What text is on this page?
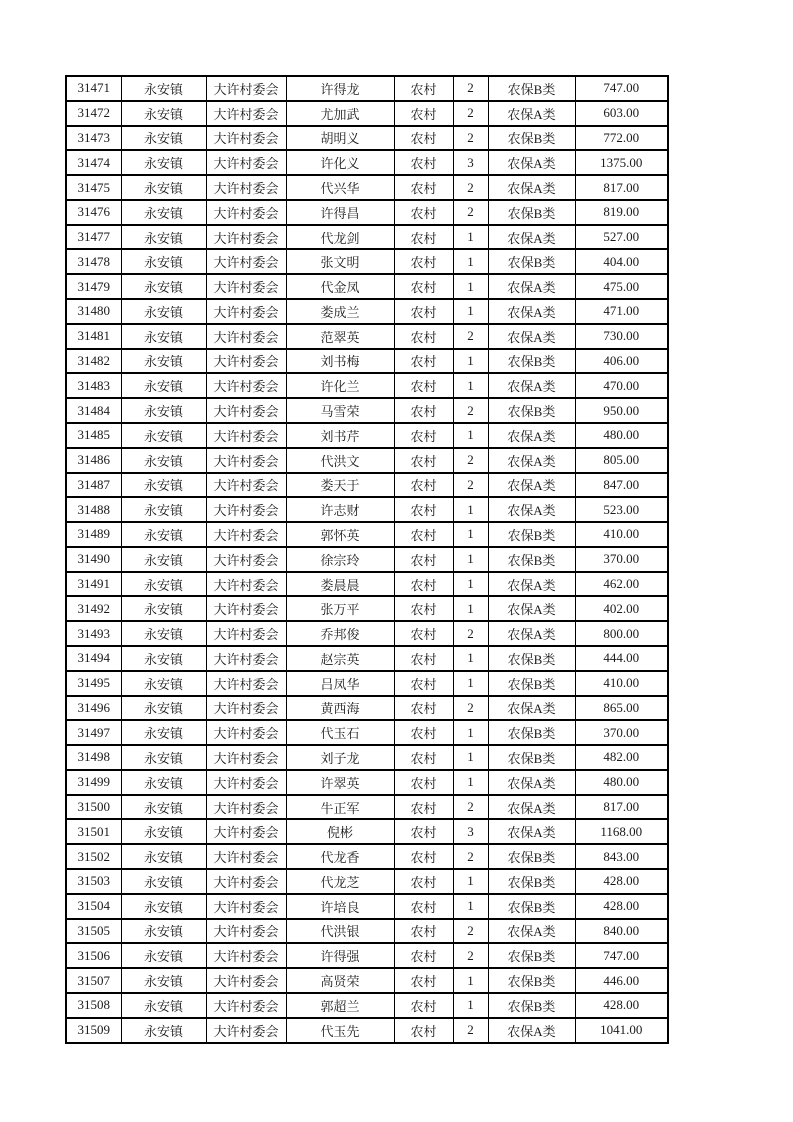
31471	永安镇	大许村委会	许得龙	农村	2	农保B类	747.00
31472	永安镇	大许村委会	尤加武	农村	2	农保A类	603.00
31473	永安镇	大许村委会	胡明义	农村	2	农保B类	772.00
31474	永安镇	大许村委会	许化义	农村	3	农保A类	1375.00
31475	永安镇	大许村委会	代兴华	农村	2	农保A类	817.00
31476	永安镇	大许村委会	许得昌	农村	2	农保B类	819.00
31477	永安镇	大许村委会	代龙剑	农村	1	农保A类	527.00
31478	永安镇	大许村委会	张文明	农村	1	农保B类	404.00
31479	永安镇	大许村委会	代金凤	农村	1	农保A类	475.00
31480	永安镇	大许村委会	娄成兰	农村	1	农保A类	471.00
31481	永安镇	大许村委会	范翠英	农村	2	农保A类	730.00
31482	永安镇	大许村委会	刘书梅	农村	1	农保B类	406.00
31483	永安镇	大许村委会	许化兰	农村	1	农保A类	470.00
31484	永安镇	大许村委会	马雪荣	农村	2	农保B类	950.00
31485	永安镇	大许村委会	刘书芹	农村	1	农保A类	480.00
31486	永安镇	大许村委会	代洪文	农村	2	农保A类	805.00
31487	永安镇	大许村委会	娄天于	农村	2	农保A类	847.00
31488	永安镇	大许村委会	许志财	农村	1	农保A类	523.00
31489	永安镇	大许村委会	郭怀英	农村	1	农保B类	410.00
31490	永安镇	大许村委会	徐宗玲	农村	1	农保B类	370.00
31491	永安镇	大许村委会	娄晨晨	农村	1	农保A类	462.00
31492	永安镇	大许村委会	张万平	农村	1	农保A类	402.00
31493	永安镇	大许村委会	乔邦俊	农村	2	农保A类	800.00
31494	永安镇	大许村委会	赵宗英	农村	1	农保B类	444.00
31495	永安镇	大许村委会	吕凤华	农村	1	农保B类	410.00
31496	永安镇	大许村委会	黄西海	农村	2	农保A类	865.00
31497	永安镇	大许村委会	代玉石	农村	1	农保B类	370.00
31498	永安镇	大许村委会	刘子龙	农村	1	农保B类	482.00
31499	永安镇	大许村委会	许翠英	农村	1	农保A类	480.00
31500	永安镇	大许村委会	牛正军	农村	2	农保A类	817.00
31501	永安镇	大许村委会	倪彬	农村	3	农保A类	1168.00
31502	永安镇	大许村委会	代龙香	农村	2	农保B类	843.00
31503	永安镇	大许村委会	代龙芝	农村	1	农保B类	428.00
31504	永安镇	大许村委会	许培良	农村	1	农保B类	428.00
31505	永安镇	大许村委会	代洪银	农村	2	农保A类	840.00
31506	永安镇	大许村委会	许得强	农村	2	农保B类	747.00
31507	永安镇	大许村委会	高贤荣	农村	1	农保B类	446.00
31508	永安镇	大许村委会	郭超兰	农村	1	农保B类	428.00
31509	永安镇	大许村委会	代玉先	农村	2	农保A类	1041.00
